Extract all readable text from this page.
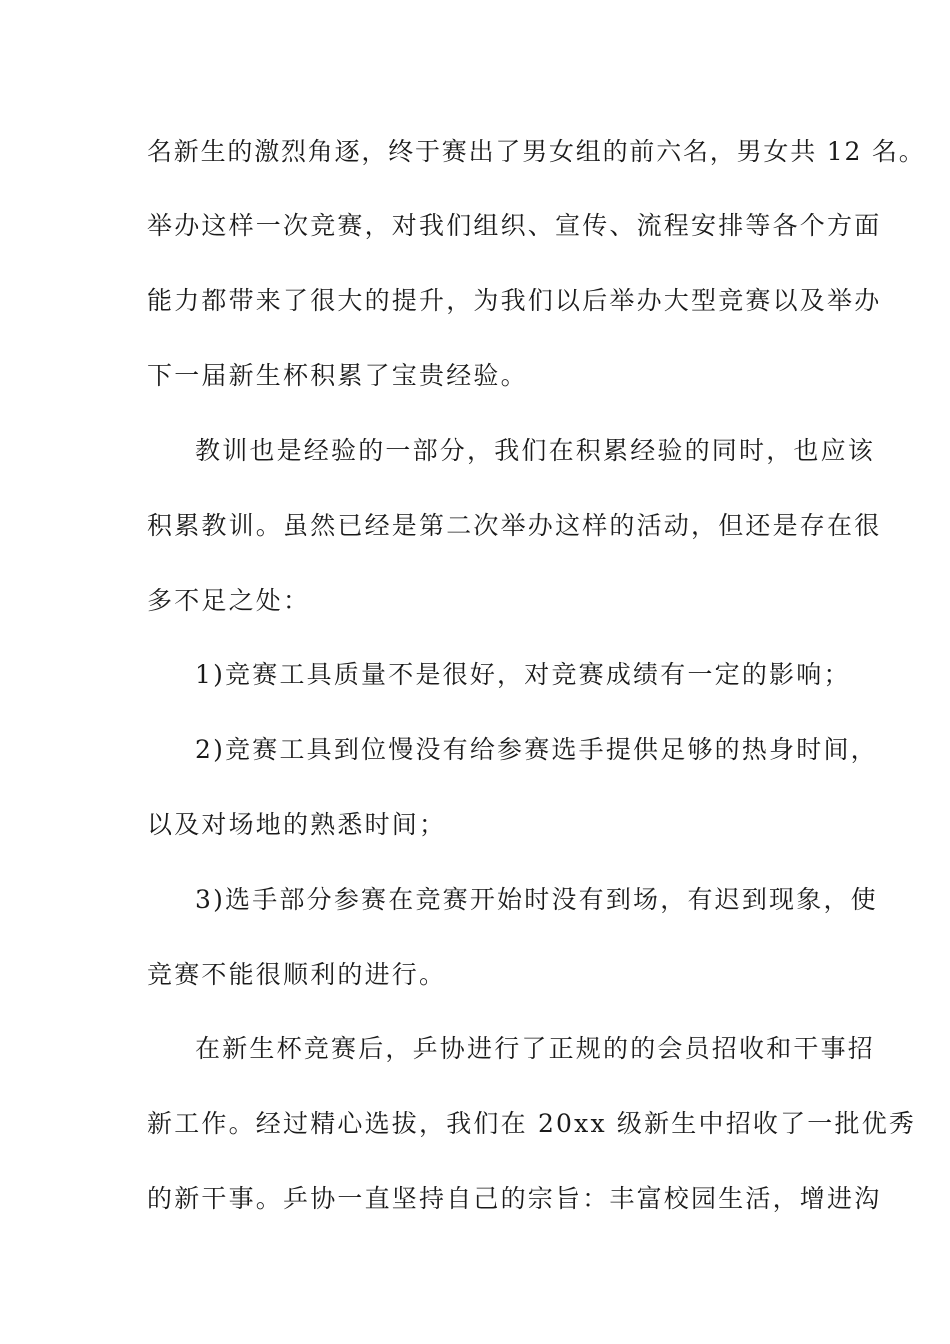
名新生的激烈角逐，终于赛出了男女组的前六名，男女共 12 名。
举办这样一次竞赛，对我们组织、宣传、流程安排等各个方面
能力都带来了很大的提升，为我们以后举办大型竞赛以及举办
下一届新生杯积累了宝贵经验。
教训也是经验的一部分，我们在积累经验的同时，也应该
积累教训。虽然已经是第二次举办这样的活动，但还是存在很
多不足之处：
1)竞赛工具质量不是很好，对竞赛成绩有一定的影响；
2)竞赛工具到位慢没有给参赛选手提供足够的热身时间，
以及对场地的熟悉时间；
3)选手部分参赛在竞赛开始时没有到场，有迟到现象，使
竞赛不能很顺利的进行。
在新生杯竞赛后，乒协进行了正规的的会员招收和干事招
新工作。经过精心选拔，我们在 20xx 级新生中招收了一批优秀
的新干事。乒协一直坚持自己的宗旨：丰富校园生活，增进沟
